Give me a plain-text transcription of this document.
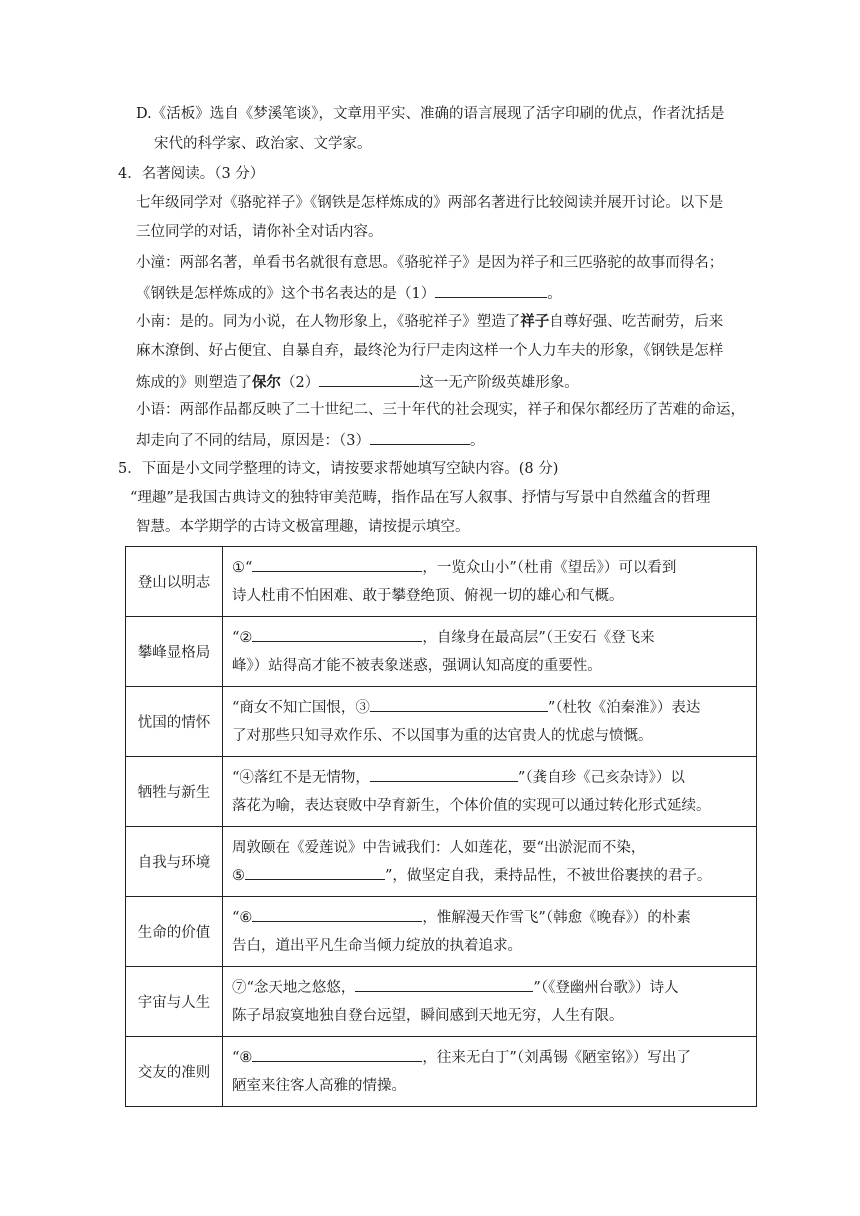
D.《活板》选自《梦溪笔谈》，文章用平实、准确的语言展现了活字印刷的优点，作者沈括是
宋代的科学家、政治家、文学家。
4．名著阅读。（3 分）
七年级同学对《骆驼祥子》《钢铁是怎样炼成的》两部名著进行比较阅读并展开讨论。以下是
三位同学的对话，请你补全对话内容。
小潼：两部名著，单看书名就很有意思。《骆驼祥子》是因为祥子和三匹骆驼的故事而得名；
《钢铁是怎样炼成的》这个书名表达的是（1）	。
小南：是的。同为小说，在人物形象上，《骆驼祥子》塑造了祥子自尊好强、吃苦耐劳，后来
麻木潦倒、好占便宜、自暴自弃，最终沦为行尸走肉这样一个人力车夫的形象，《钢铁是怎样
炼成的》则塑造了保尔（2）	这一无产阶级英雄形象。
小语：两部作品都反映了二十世纪二、三十年代的社会现实，祥子和保尔都经历了苦难的命运，
却走向了不同的结局，原因是：（3）	。
5．下面是小文同学整理的诗文，请按要求帮她填写空缺内容。(8 分)
“理趣”是我国古典诗文的独特审美范畴，指作品在写人叙事、抒情与写景中自然蕴含的哲理
智慧。本学期学的古诗文极富理趣，请按提示填空。
登山以明志	①“ ，一览众山小”（杜甫《望岳》）可以看到
诗人杜甫不怕困难、敢于攀登绝顶、俯视一切的雄心和气概。

攀峰显格局	“② ，自缘身在最高层”（王安石《登飞来
峰》）站得高才能不被表象迷惑，强调认知高度的重要性。

忧国的情怀	“商女不知亡国恨，③ ”（杜牧《泊秦淮》）表达
了对那些只知寻欢作乐、不以国事为重的达官贵人的忧虑与愤慨。

牺牲与新生	“④落红不是无情物， ”（龚自珍《己亥杂诗》）以
落花为喻，表达衰败中孕育新生，个体价值的实现可以通过转化形式延续。

自我与环境	周敦颐在《爱莲说》中告诫我们：人如莲花，要“出淤泥而不染，
⑤ ”，做坚定自我，秉持品性，不被世俗裹挟的君子。

生命的价值	“⑥ ，惟解漫天作雪飞”（韩愈《晚春》）的朴素
告白，道出平凡生命当倾力绽放的执着追求。

宇宙与人生	⑦“念天地之悠悠， ”（《登幽州台歌》）诗人
陈子昂寂寞地独自登台远望，瞬间感到天地无穷，人生有限。

交友的准则	“⑧ ，往来无白丁”（刘禹锡《陋室铭》）写出了
陋室来往客人高雅的情操。
